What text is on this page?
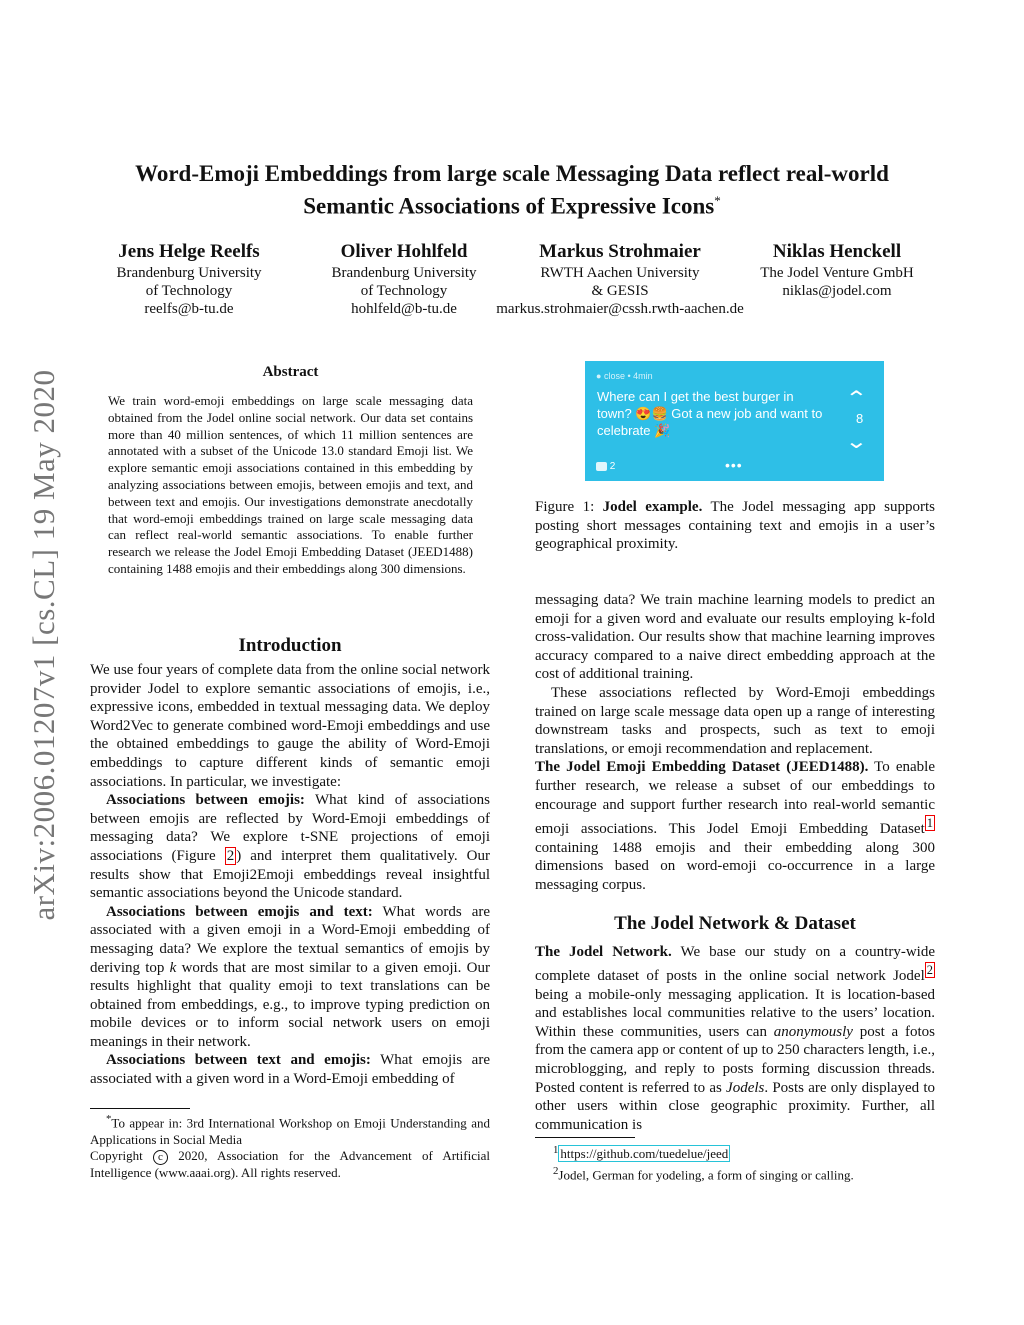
arXiv:2006.01207v1 [cs.CL] 19 May 2020
Word-Emoji Embeddings from large scale Messaging Data reflect real-world Semantic Associations of Expressive Icons*
Jens Helge Reelfs
Brandenburg University
of Technology
reelfs@b-tu.de
Oliver Hohlfeld
Brandenburg University
of Technology
hohlfeld@b-tu.de
Markus Strohmaier
RWTH Aachen University
& GESIS
markus.strohmaier@cssh.rwth-aachen.de
Niklas Henckell
The Jodel Venture GmbH
niklas@jodel.com
Abstract

We train word-emoji embeddings on large scale messaging data obtained from the Jodel online social network. Our data set contains more than 40 million sentences, of which 11 million sentences are annotated with a subset of the Unicode 13.0 standard Emoji list. We explore semantic emoji associations contained in this embedding by analyzing associations between emojis, between emojis and text, and between text and emojis. Our investigations demonstrate anecdotally that word-emoji embeddings trained on large scale messaging data can reflect real-world semantic associations. To enable further research we release the Jodel Emoji Embedding Dataset (JEED1488) containing 1488 emojis and their embeddings along 300 dimensions.

Introduction

We use four years of complete data from the online social network provider Jodel to explore semantic associations of emojis, i.e., expressive icons, embedded in textual messaging data. We deploy Word2Vec to generate combined word-Emoji embeddings and use the obtained embeddings to gauge the ability of Word-Emoji embeddings to capture different kinds of semantic emoji associations. In particular, we investigate:

Associations between emojis: What kind of associations between emojis are reflected by Word-Emoji embeddings of messaging data? We explore t-SNE projections of emoji associations (Figure 2 ) and interpret them qualitatively. Our results show that Emoji2Emoji embeddings reveal insightful semantic associations beyond the Unicode standard.

Associations between emojis and text: What words are associated with a given emoji in a Word-Emoji embedding of messaging data? We explore the textual semantics of emojis by deriving top k words that are most similar to a given emoji. Our results highlight that quality emoji to text translations can be obtained from embeddings, e.g., to improve typing prediction on mobile devices or to inform social network users on emoji meanings in their network.

Associations between text and emojis: What emojis are associated with a given word in a Word-Emoji embedding of

*To appear in: 3rd International Workshop on Emoji Understanding and Applications in Social Media

Copyright c 2020, Association for the Advancement of Artificial Intelligence (www.aaai.org). All rights reserved.

● close • 4min
Where can I get the best burger in town? 😍🍔 Got a new job and want to celebrate 🎉
⌃
8
⌄
2	•••
Figure 1: Jodel example. The Jodel messaging app supports posting short messages containing text and emojis in a user’s geographical proximity.

messaging data? We train machine learning models to predict an emoji for a given word and evaluate our results employing k-fold cross-validation. Our results show that machine learning improves accuracy compared to a naive direct embedding approach at the cost of additional training.

These associations reflected by Word-Emoji embeddings trained on large scale message data open up a range of interesting downstream tasks and prospects, such as text to emoji translations, or emoji recommendation and replacement.

The Jodel Emoji Embedding Dataset (JEED1488). To enable further research, we release a subset of our embeddings to encourage and support further research into real-world semantic emoji associations. This Jodel Emoji Embedding Dataset $^1$ containing 1488 emojis and their embedding along 300 dimensions based on word-emoji co-occurrence in a large messaging corpus.

The Jodel Network & Dataset

The Jodel Network. We base our study on a country-wide complete dataset of posts in the online social network Jodel $^2$ being a mobile-only messaging application. It is location-based and establishes local communities relative to the users’ location. Within these communities, users can anonymously post a fotos from the camera app or content of up to 250 characters length, i.e., microblogging, and reply to posts forming discussion threads. Posted content is referred to as Jodels. Posts are only displayed to other users within close geographic proximity. Further, all communication is

$^1$ https://github.com/tuedelue/jeed
$^2$Jodel, German for yodeling, a form of singing or calling.
